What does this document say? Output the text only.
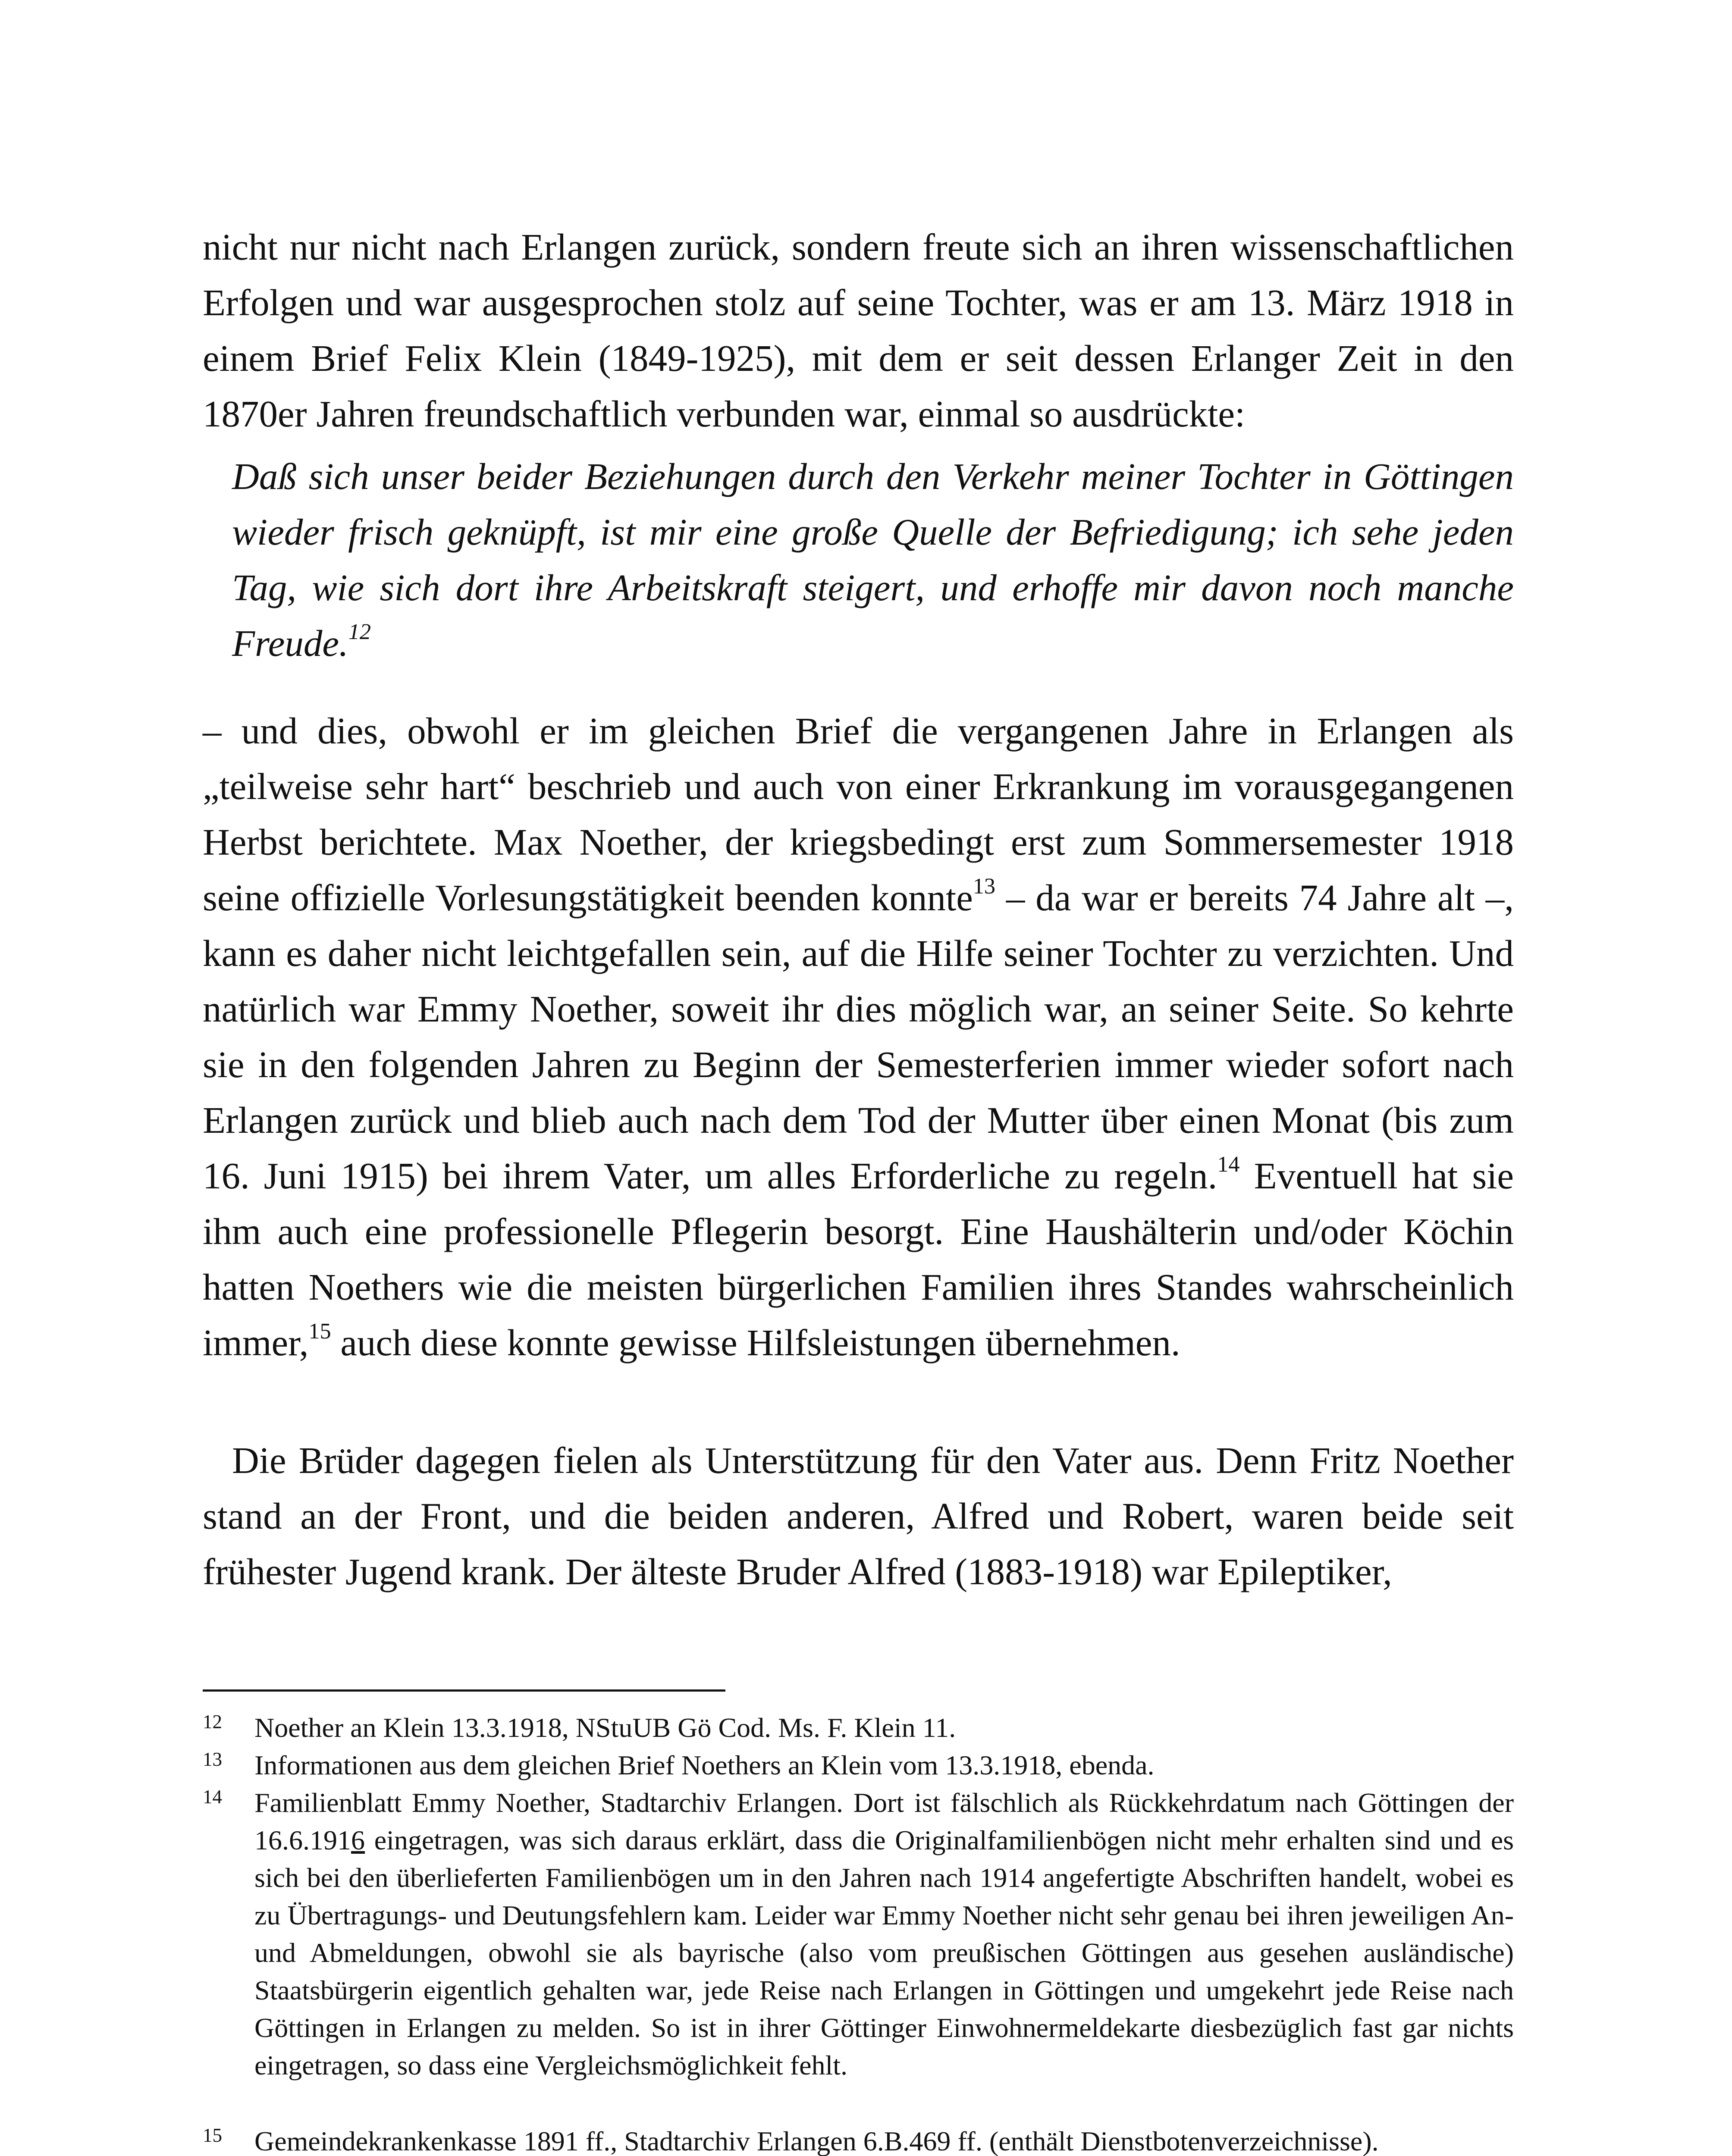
nicht nur nicht nach Erlangen zurück, sondern freute sich an ihren wissenschaftlichen Erfolgen und war ausgesprochen stolz auf seine Tochter, was er am 13. März 1918 in einem Brief Felix Klein (1849-1925), mit dem er seit dessen Erlanger Zeit in den 1870er Jahren freundschaftlich verbunden war, einmal so ausdrückte:

Daß sich unser beider Beziehungen durch den Verkehr meiner Tochter in Göttingen wieder frisch geknüpft, ist mir eine große Quelle der Befriedigung; ich sehe jeden Tag, wie sich dort ihre Arbeitskraft steigert, und erhoffe mir davon noch manche Freude.$^{12}$

– und dies, obwohl er im gleichen Brief die vergangenen Jahre in Erlangen als „teilweise sehr hart“ beschrieb und auch von einer Erkrankung im vorausgegangenen Herbst berichtete. Max Noether, der kriegsbedingt erst zum Sommersemester 1918 seine offizielle Vorlesungstätigkeit beenden konnte$^{13}$ – da war er bereits 74 Jahre alt –, kann es daher nicht leichtgefallen sein, auf die Hilfe seiner Tochter zu verzichten. Und natürlich war Emmy Noether, soweit ihr dies möglich war, an seiner Seite. So kehrte sie in den folgenden Jahren zu Beginn der Semesterferien immer wieder sofort nach Erlangen zurück und blieb auch nach dem Tod der Mutter über einen Monat (bis zum 16. Juni 1915) bei ihrem Vater, um alles Erforderliche zu regeln.$^{14}$ Eventuell hat sie ihm auch eine professionelle Pflegerin besorgt. Eine Haushälterin und/oder Köchin hatten Noethers wie die meisten bürgerlichen Familien ihres Standes wahrscheinlich immer,$^{15}$ auch diese konnte gewisse Hilfsleistungen übernehmen.

Die Brüder dagegen fielen als Unterstützung für den Vater aus. Denn Fritz Noether stand an der Front, und die beiden anderen, Alfred und Robert, waren beide seit frühester Jugend krank. Der älteste Bruder Alfred (1883-1918) war Epileptiker,

12 Noether an Klein 13.3.1918, NStuUB Gö Cod. Ms. F. Klein 11.
13 Informationen aus dem gleichen Brief Noethers an Klein vom 13.3.1918, ebenda.
14 Familienblatt Emmy Noether, Stadtarchiv Erlangen. Dort ist fälschlich als Rückkehrdatum nach Göttingen der 16.6.1916 eingetragen, was sich daraus erklärt, dass die Originalfamilienbögen nicht mehr erhalten sind und es sich bei den überlieferten Familienbögen um in den Jahren nach 1914 angefertigte Abschriften handelt, wobei es zu Übertragungs- und Deutungsfehlern kam. Leider war Emmy Noether nicht sehr genau bei ihren jeweiligen An- und Abmeldungen, obwohl sie als bayrische (also vom preußischen Göttingen aus gesehen ausländische) Staatsbürgerin eigentlich gehalten war, jede Reise nach Erlangen in Göttingen und umgekehrt jede Reise nach Göttingen in Erlangen zu melden. So ist in ihrer Göttinger Einwohnermeldekarte diesbezüglich fast gar nichts eingetragen, so dass eine Vergleichsmöglichkeit fehlt.
15 Gemeindekrankenkasse 1891 ff., Stadtarchiv Erlangen 6.B.469 ff. (enthält Dienstbotenverzeichnisse).
